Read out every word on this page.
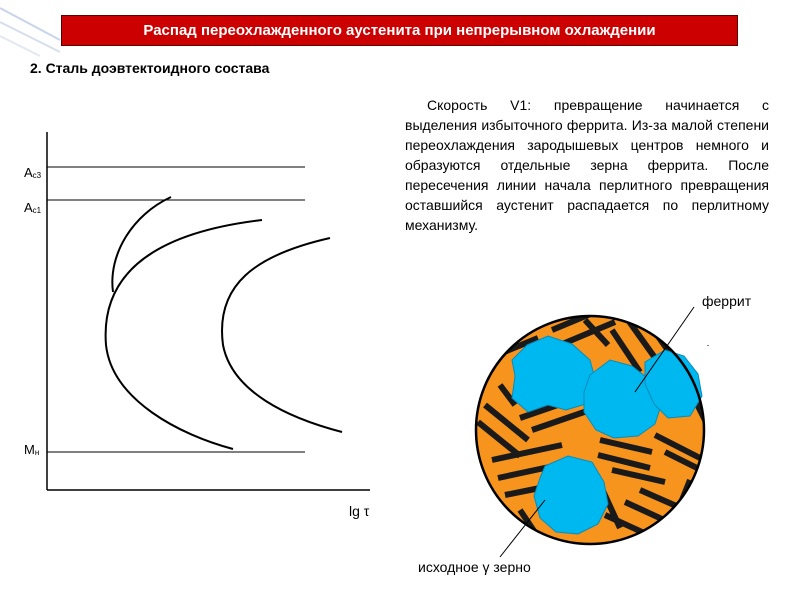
Распад переохлажденного аустенита при непрерывном охлаждении
2. Сталь доэвтектоидного состава
Скорость V1: превращение начинается с выделения избыточного феррита. Из-за малой степени переохлаждения зародышевых центров немного и образуются отдельные зерна феррита. После пересечения линии начала перлитного превращения оставшийся аустенит распадается по перлитному механизму.
Ac3
Ac1
Mн
lg τ
феррит
исходное γ зерно
